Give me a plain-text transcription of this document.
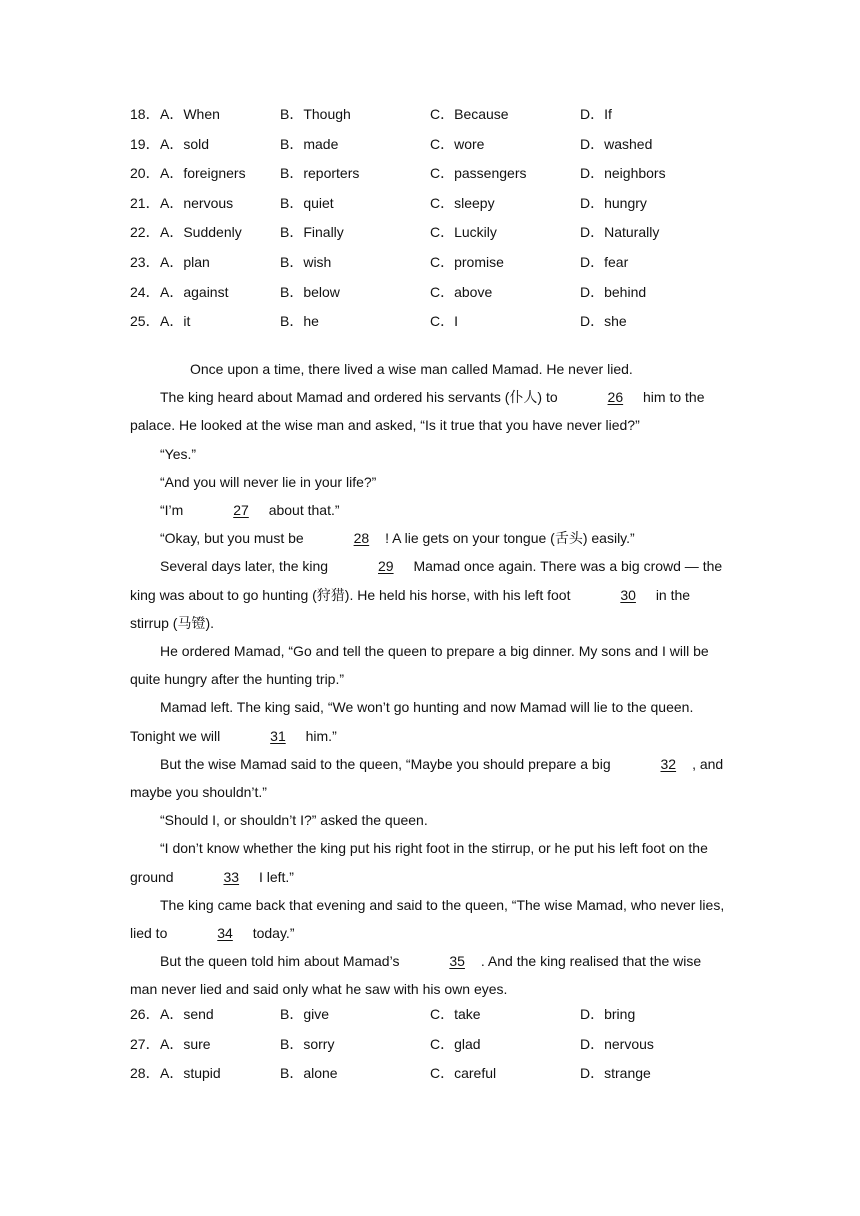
18． A．When	B．Though	C．Because	D．If
19． A．sold	B．made	C．wore	D．washed
20． A．foreigners B．reporters	C．passengers	D．neighbors
21． A．nervous	B．quiet	C．sleepy	D．hungry
22． A．Suddenly	B．Finally	C．Luckily	D．Naturally
23． A．plan	B．wish	C．promise	D．fear
24． A．against	B．below	C．above	D．behind
25． A．it	B．he	C．I	D．she

Once upon a time, there lived a wise man called Mamad. He never lied.

The king heard about Mamad and ordered his servants (仆人) to	26 him to the palace. He looked at the wise man and asked, “Is it true that you have never lied?”

“Yes.”

“And you will never lie in your life?”

“I’m	27 about that.”

“Okay, but you must be	28 ! A lie gets on your tongue (舌头) easily.”

Several days later, the king	29 Mamad once again. There was a big crowd — the king was about to go hunting (狩猎). He held his horse, with his left foot	30 in the stirrup (马镫).

He ordered Mamad, “Go and tell the queen to prepare a big dinner. My sons and I will be quite hungry after the hunting trip.”

Mamad left. The king said, “We won’t go hunting and now Mamad will lie to the queen. Tonight we will	31 him.”

But the wise Mamad said to the queen, “Maybe you should prepare a big	32 , and maybe you shouldn’t.”

“Should I, or shouldn’t I?” asked the queen.

“I don’t know whether the king put his right foot in the stirrup, or he put his left foot on the ground	33 I left.”

The king came back that evening and said to the queen, “The wise Mamad, who never lies, lied to	34 today.”

But the queen told him about Mamad’s	35 . And the king realised that the wise man never lied and said only what he saw with his own eyes.

26． A．send	B．give	C．take	D．bring
27． A．sure	B．sorry	C．glad	D．nervous
28． A．stupid	B．alone	C．careful	D．strange
